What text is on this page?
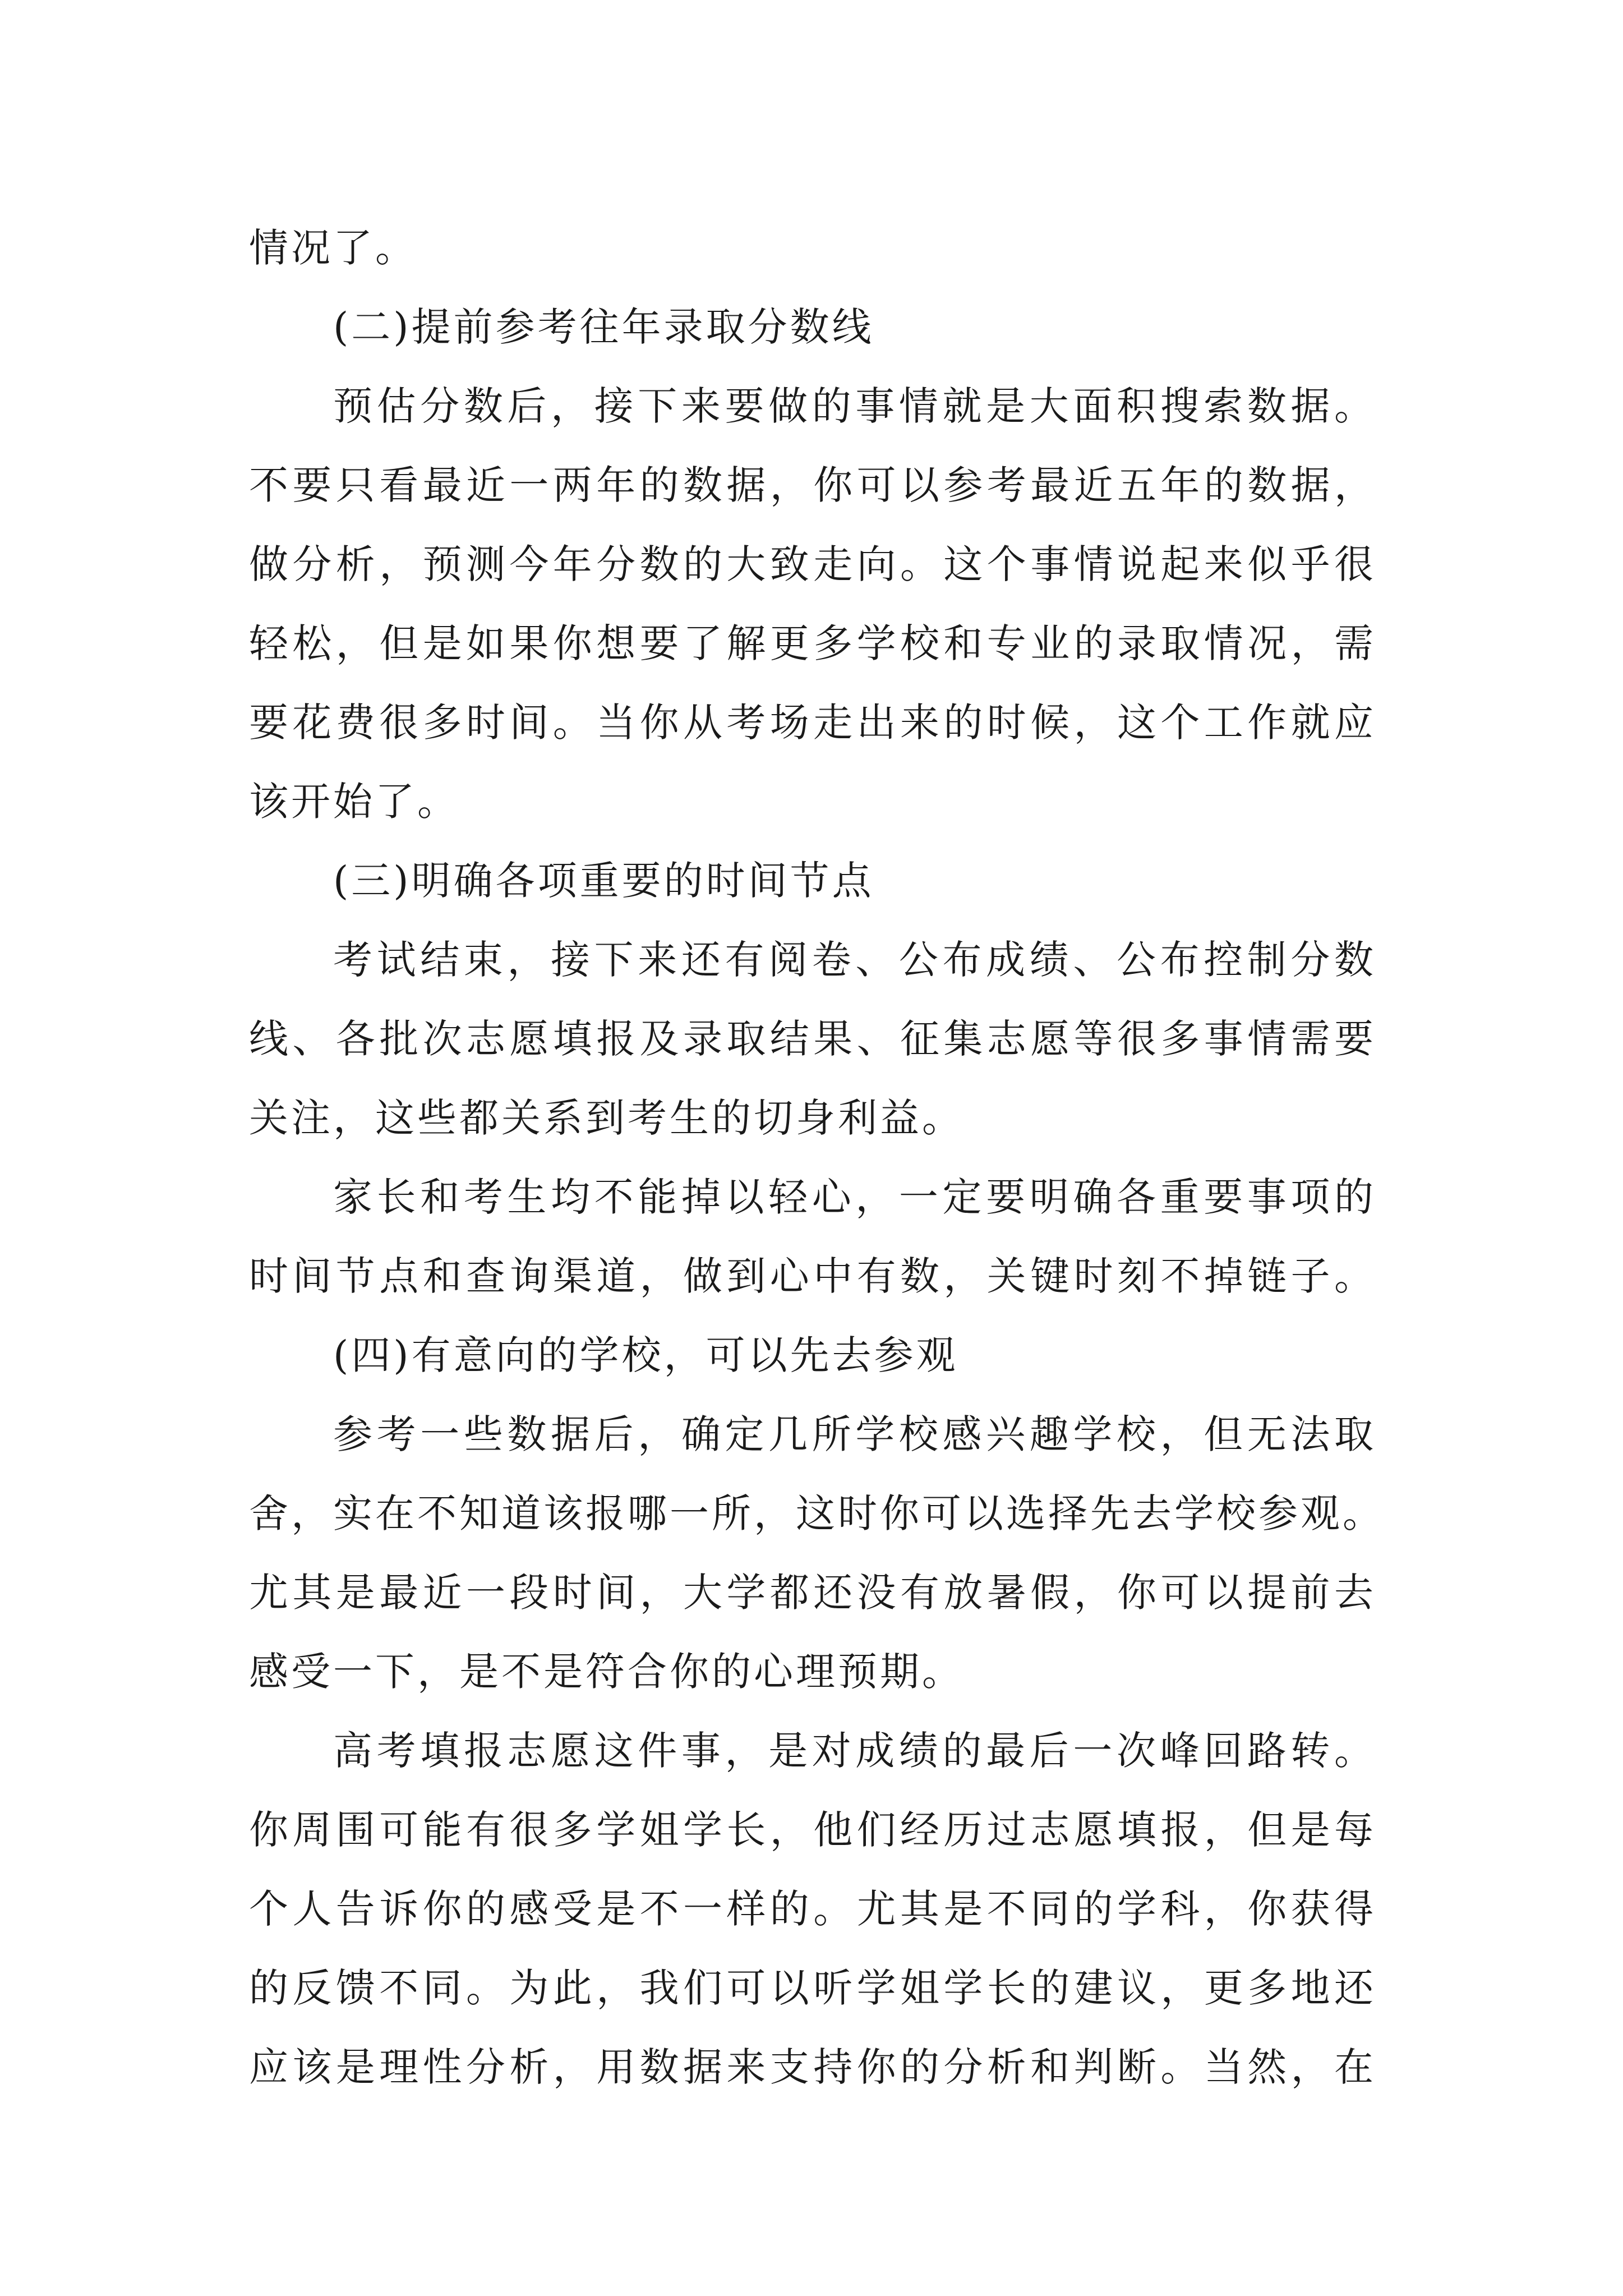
情况了。
(二)提前参考往年录取分数线
预估分数后，接下来要做的事情就是大面积搜索数据。
不要只看最近一两年的数据，你可以参考最近五年的数据，
做分析，预测今年分数的大致走向。这个事情说起来似乎很
轻松，但是如果你想要了解更多学校和专业的录取情况，需
要花费很多时间。当你从考场走出来的时候，这个工作就应
该开始了。
(三)明确各项重要的时间节点
考试结束，接下来还有阅卷、公布成绩、公布控制分数
线、各批次志愿填报及录取结果、征集志愿等很多事情需要
关注，这些都关系到考生的切身利益。
家长和考生均不能掉以轻心，一定要明确各重要事项的
时间节点和查询渠道，做到心中有数，关键时刻不掉链子。
(四)有意向的学校，可以先去参观
参考一些数据后，确定几所学校感兴趣学校，但无法取
舍，实在不知道该报哪一所，这时你可以选择先去学校参观。
尤其是最近一段时间，大学都还没有放暑假，你可以提前去
感受一下，是不是符合你的心理预期。
高考填报志愿这件事，是对成绩的最后一次峰回路转。
你周围可能有很多学姐学长，他们经历过志愿填报，但是每
个人告诉你的感受是不一样的。尤其是不同的学科，你获得
的反馈不同。为此，我们可以听学姐学长的建议，更多地还
应该是理性分析，用数据来支持你的分析和判断。当然，在
